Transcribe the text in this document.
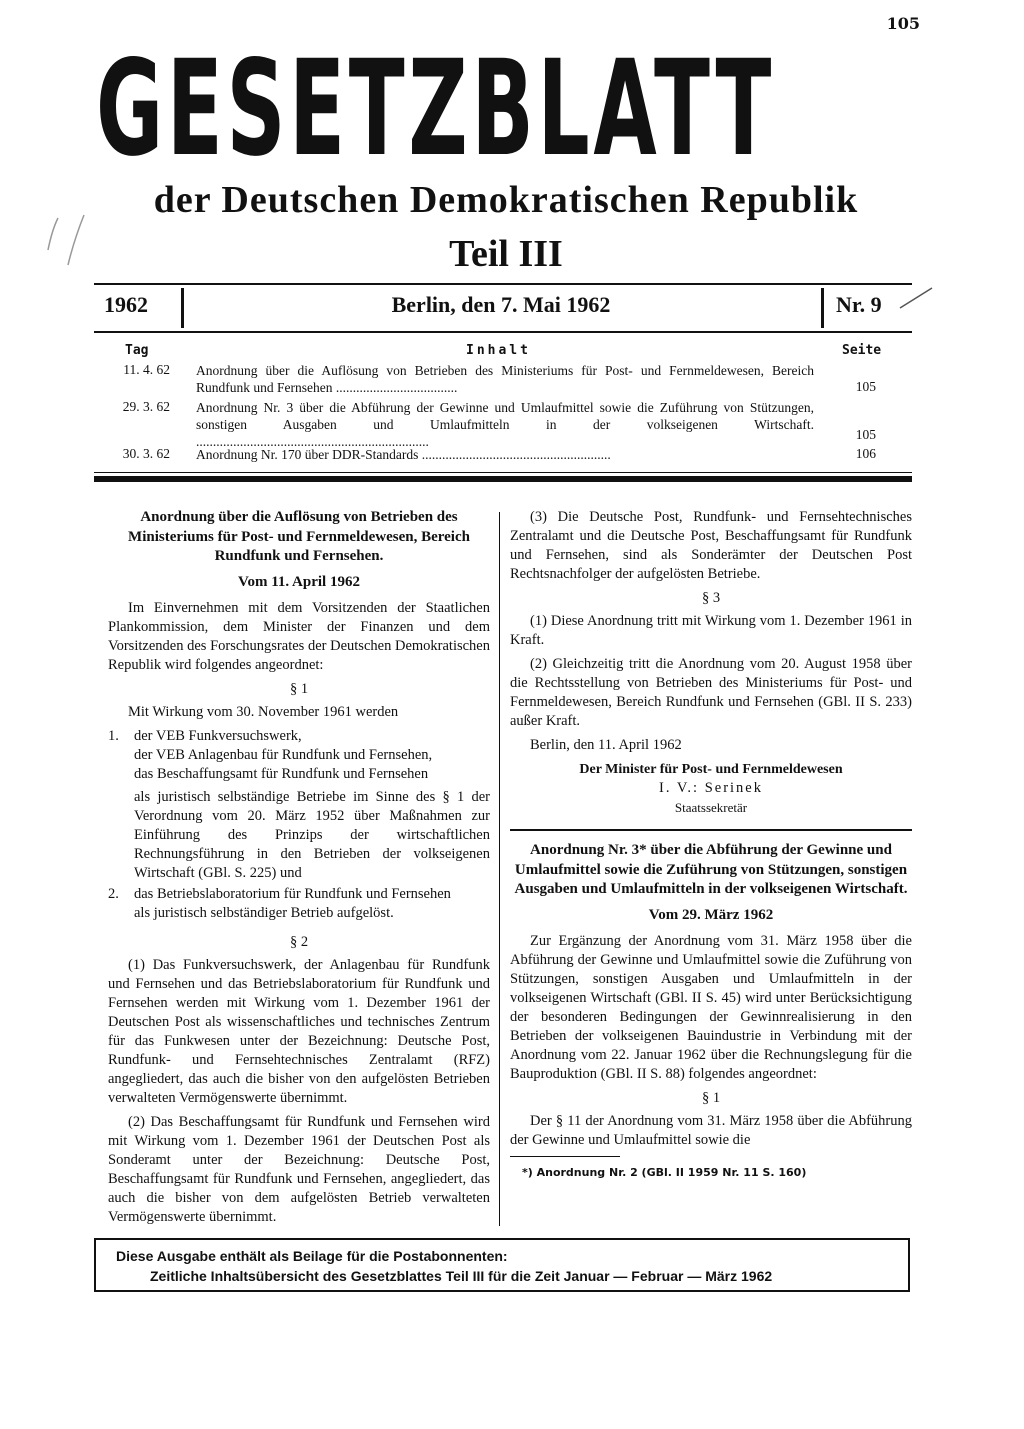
105
GESETZBLATT
der Deutschen Demokratischen Republik
Teil III
1962	Berlin, den 7. Mai 1962	Nr. 9
Tag	Inhalt	Seite
11. 4. 62 Anordnung über die Auflösung von Betrieben des Ministeriums für Post- und Fernmeldewesen, Bereich Rundfunk und Fernsehen ....................................	105
29. 3. 62 Anordnung Nr. 3 über die Abführung der Gewinne und Umlaufmittel sowie die Zuführung von Stützungen, sonstigen Ausgaben und Umlaufmitteln in der volkseigenen Wirtschaft. .....................................................................	105
30. 3. 62 Anordnung Nr. 170 über DDR-Standards ........................................................	106
Anordnung über die Auflösung von Betrieben des Ministeriums für Post- und Fernmeldewesen, Bereich Rundfunk und Fernsehen.
Vom 11. April 1962

Im Einvernehmen mit dem Vorsitzenden der Staatlichen Plankommission, dem Minister der Finanzen und dem Vorsitzenden des Forschungsrates der Deutschen Demokratischen Republik wird folgendes angeordnet:

§ 1

Mit Wirkung vom 30. November 1961 werden

1.	der VEB Funkversuchswerk,
der VEB Anlagenbau für Rundfunk und Fernsehen,
das Beschaffungsamt für Rundfunk und Fernsehen
als juristisch selbständige Betriebe im Sinne des § 1 der Verordnung vom 20. März 1952 über Maßnahmen zur Einführung des Prinzips der wirtschaftlichen Rechnungsführung in den Betrieben der volkseigenen Wirtschaft (GBl. S. 225) und
2.	das Betriebslaboratorium für Rundfunk und Fernsehen
als juristisch selbständiger Betrieb aufgelöst.
§ 2

(1) Das Funkversuchswerk, der Anlagenbau für Rundfunk und Fernsehen und das Betriebslaboratorium für Rundfunk und Fernsehen werden mit Wirkung vom 1. Dezember 1961 der Deutschen Post als wissenschaftliches und technisches Zentrum für das Funkwesen unter der Bezeichnung: Deutsche Post, Rundfunk- und Fernsehtechnisches Zentralamt (RFZ) angegliedert, das auch die bisher von den aufgelösten Betrieben verwalteten Vermögenswerte übernimmt.

(2) Das Beschaffungsamt für Rundfunk und Fernsehen wird mit Wirkung vom 1. Dezember 1961 der Deutschen Post als Sonderamt unter der Bezeichnung: Deutsche Post, Beschaffungsamt für Rundfunk und Fernsehen, angegliedert, das auch die bisher von dem aufgelösten Betrieb verwalteten Vermögenswerte übernimmt.

(3) Die Deutsche Post, Rundfunk- und Fernsehtechnisches Zentralamt und die Deutsche Post, Beschaffungsamt für Rundfunk und Fernsehen, sind als Sonderämter der Deutschen Post Rechtsnachfolger der aufgelösten Betriebe.

§ 3

(1) Diese Anordnung tritt mit Wirkung vom 1. Dezember 1961 in Kraft.

(2) Gleichzeitig tritt die Anordnung vom 20. August 1958 über die Rechtsstellung von Betrieben des Ministeriums für Post- und Fernmeldewesen, Bereich Rundfunk und Fernsehen (GBl. II S. 233) außer Kraft.

Berlin, den 11. April 1962

Der Minister für Post- und Fernmeldewesen
I. V.: Serinek
Staatssekretär
Anordnung Nr. 3* über die Abführung der Gewinne und Umlaufmittel sowie die Zuführung von Stützungen, sonstigen Ausgaben und Umlaufmitteln in der volkseigenen Wirtschaft.
Vom 29. März 1962

Zur Ergänzung der Anordnung vom 31. März 1958 über die Abführung der Gewinne und Umlaufmittel sowie die Zuführung von Stützungen, sonstigen Ausgaben und Umlaufmitteln in der volkseigenen Wirtschaft (GBl. II S. 45) wird unter Berücksichtigung der besonderen Bedingungen der Gewinnrealisierung in den Betrieben der volkseigenen Bauindustrie in Verbindung mit der Anordnung vom 22. Januar 1962 über die Rechnungslegung für die Bauproduktion (GBl. II S. 88) folgendes angeordnet:

§ 1

Der § 11 der Anordnung vom 31. März 1958 über die Abführung der Gewinne und Umlaufmittel sowie die

*) Anordnung Nr. 2 (GBl. II 1959 Nr. 11 S. 160)
Diese Ausgabe enthält als Beilage für die Postabonnenten:
Zeitliche Inhaltsübersicht des Gesetzblattes Teil III für die Zeit Januar — Februar — März 1962
